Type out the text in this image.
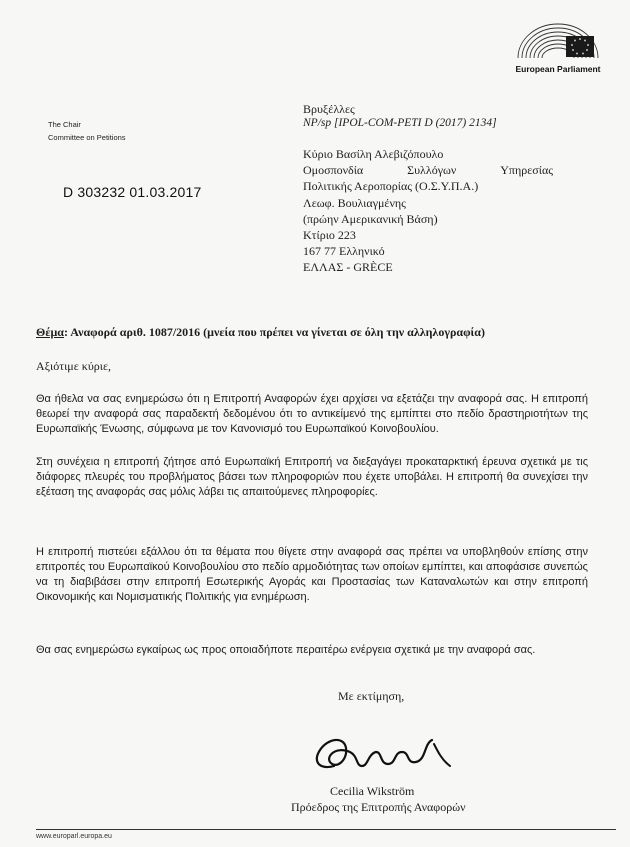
European Parliament
The Chair
Committee on Petitions
D 303232 01.03.2017
Βρυξέλλες
NP/sp [IPOL-COM-PETI D (2017) 2134]
Κύριο Βασίλη Αλεβιζόπουλο
Ομοσπονδία	Συλλόγων	Υπηρεσίας
Πολιτικής Αεροπορίας (Ο.Σ.Υ.Π.Α.)
Λεωφ. Βουλιαγμένης
(πρώην Αμερικανική Βάση)
Κτίριο 223
167 77 Ελληνικό
ΕΛΛΑΣ - GRÈCE
Θέμα: Αναφορά αριθ. 1087/2016 (μνεία που πρέπει να γίνεται σε όλη την αλληλογραφία)
Αξιότιμε κύριε,
Θα ήθελα να σας ενημερώσω ότι η Επιτροπή Αναφορών έχει αρχίσει να εξετάζει την αναφορά σας. Η επιτροπή θεωρεί την αναφορά σας παραδεκτή δεδομένου ότι το αντικείμενό της εμπίπτει στο πεδίο δραστηριοτήτων της Ευρωπαϊκής Ένωσης, σύμφωνα με τον Κανονισμό του Ευρωπαϊκού Κοινοβουλίου.
Στη συνέχεια η επιτροπή ζήτησε από Ευρωπαϊκή Επιτροπή να διεξαγάγει προκαταρκτική έρευνα σχετικά με τις διάφορες πλευρές του προβλήματος βάσει των πληροφοριών που έχετε υποβάλει. Η επιτροπή θα συνεχίσει την εξέταση της αναφοράς σας μόλις λάβει τις απαιτούμενες πληροφορίες.
Η επιτροπή πιστεύει εξάλλου ότι τα θέματα που θίγετε στην αναφορά σας πρέπει να υποβληθούν επίσης στην επιτροπές του Ευρωπαϊκού Κοινοβουλίου στο πεδίο αρμοδιότητας των οποίων εμπίπτει, και αποφάσισε συνεπώς να τη διαβιβάσει στην επιτροπή Εσωτερικής Αγοράς και Προστασίας των Καταναλωτών και στην επιτροπή Οικονομικής και Νομισματικής Πολιτικής για ενημέρωση.
Θα σας ενημερώσω εγκαίρως ως προς οποιαδήποτε περαιτέρω ενέργεια σχετικά με την αναφορά σας.
Με εκτίμηση,
Cecilia Wikström
Πρόεδρος της Επιτροπής Αναφορών
www.europarl.europa.eu
